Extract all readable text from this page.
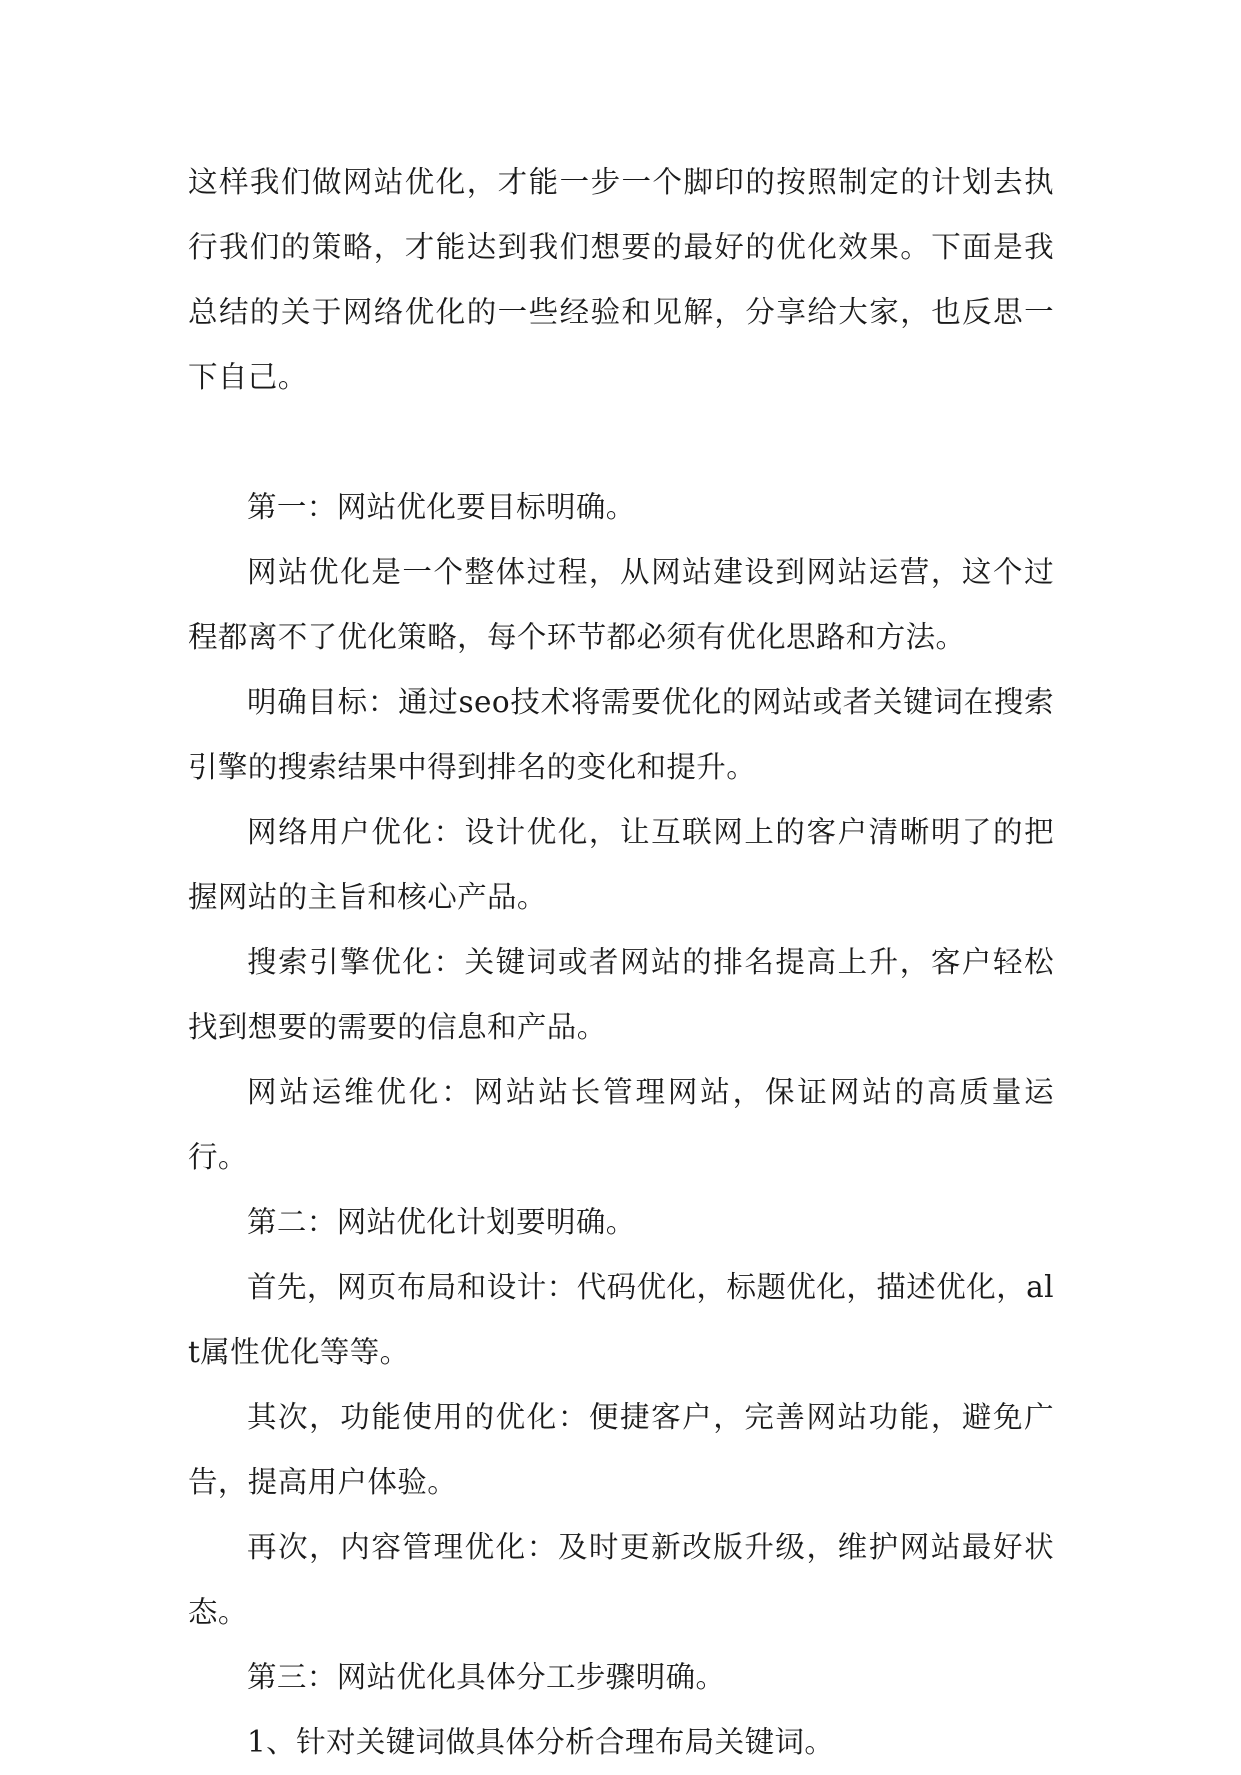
这样我们做网站优化，才能一步一个脚印的按照制定的计划去执行我们的策略，才能达到我们想要的最好的优化效果。下面是我总结的关于网络优化的一些经验和见解，分享给大家，也反思一下自己。

第一：网站优化要目标明确。

网站优化是一个整体过程，从网站建设到网站运营，这个过程都离不了优化策略，每个环节都必须有优化思路和方法。

明确目标：通过seo技术将需要优化的网站或者关键词在搜索引擎的搜索结果中得到排名的变化和提升。

网络用户优化：设计优化，让互联网上的客户清晰明了的把握网站的主旨和核心产品。

搜索引擎优化：关键词或者网站的排名提高上升，客户轻松找到想要的需要的信息和产品。

网站运维优化：网站站长管理网站，保证网站的高质量运行。

第二：网站优化计划要明确。

首先，网页布局和设计：代码优化，标题优化，描述优化，alt属性优化等等。

其次，功能使用的优化：便捷客户，完善网站功能，避免广告，提高用户体验。

再次，内容管理优化：及时更新改版升级，维护网站最好状态。

第三：网站优化具体分工步骤明确。

1、针对关键词做具体分析合理布局关键词。
